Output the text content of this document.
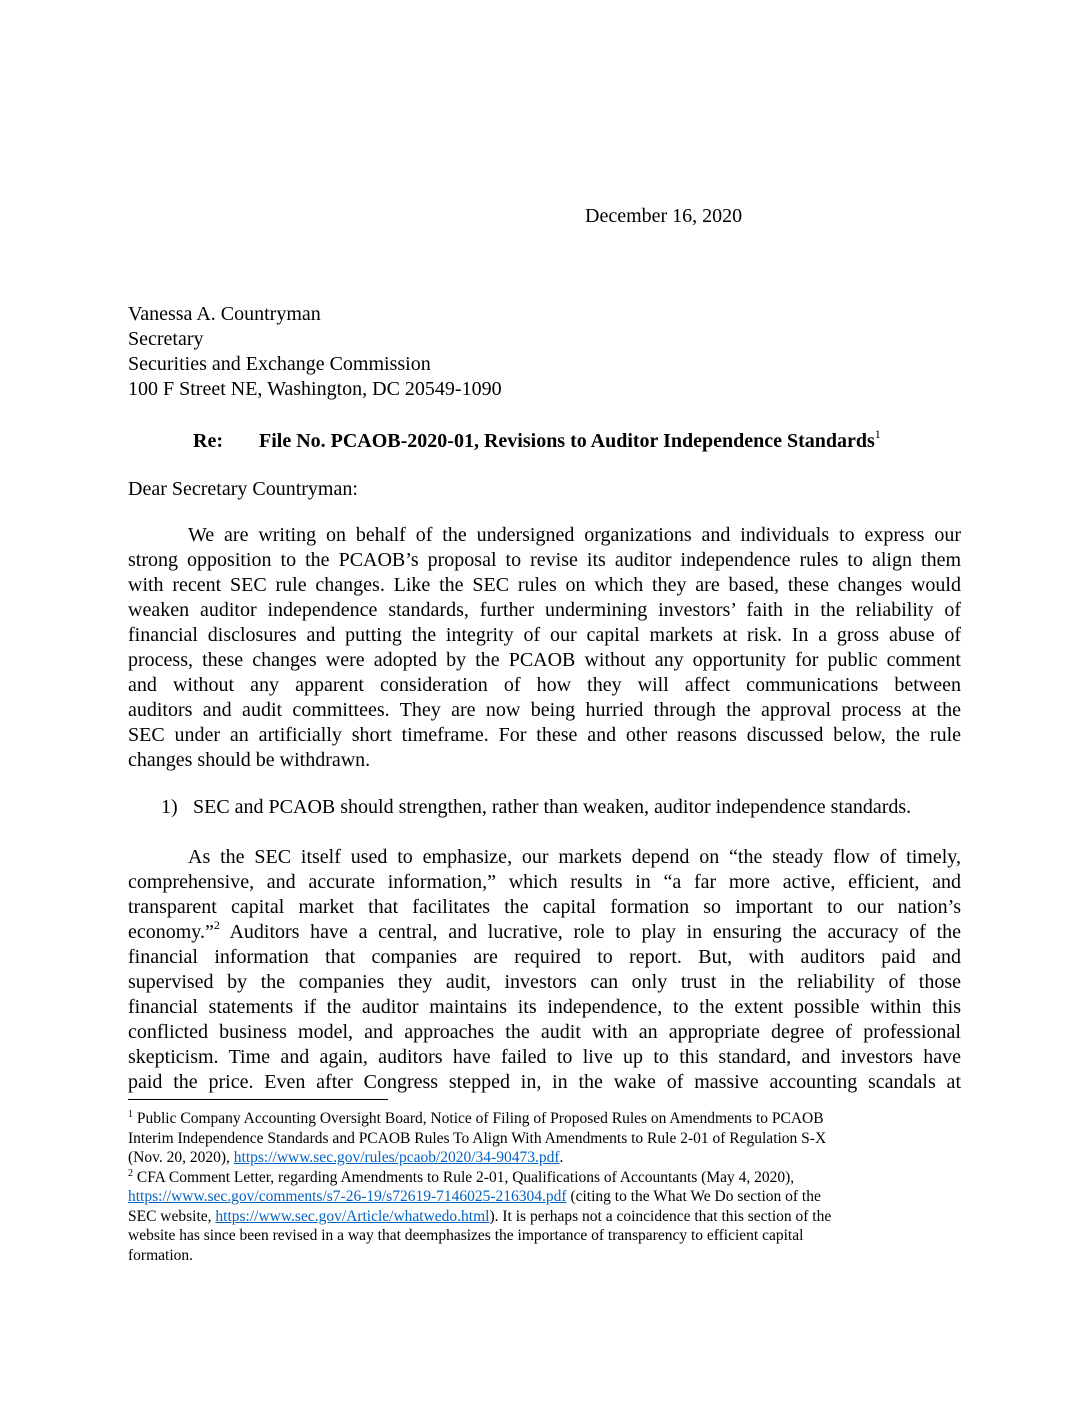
December 16, 2020
Vanessa A. Countryman
Secretary
Securities and Exchange Commission
100 F Street NE, Washington, DC 20549-1090
Re: File No. PCAOB-2020-01, Revisions to Auditor Independence Standards$^1$
Dear Secretary Countryman:
We are writing on behalf of the undersigned organizations and individuals to express our
strong opposition to the PCAOB’s proposal to revise its auditor independence rules to align them
with recent SEC rule changes. Like the SEC rules on which they are based, these changes would
weaken auditor independence standards, further undermining investors’ faith in the reliability of
financial disclosures and putting the integrity of our capital markets at risk. In a gross abuse of
process, these changes were adopted by the PCAOB without any opportunity for public comment
and without any apparent consideration of how they will affect communications between
auditors and audit committees. They are now being hurried through the approval process at the
SEC under an artificially short timeframe. For these and other reasons discussed below, the rule
changes should be withdrawn.
1) SEC and PCAOB should strengthen, rather than weaken, auditor independence standards.
As the SEC itself used to emphasize, our markets depend on “the steady flow of timely,
comprehensive, and accurate information,” which results in “a far more active, efficient, and
transparent capital market that facilitates the capital formation so important to our nation’s
economy.”$^2$ Auditors have a central, and lucrative, role to play in ensuring the accuracy of the
financial information that companies are required to report. But, with auditors paid and
supervised by the companies they audit, investors can only trust in the reliability of those
financial statements if the auditor maintains its independence, to the extent possible within this
conflicted business model, and approaches the audit with an appropriate degree of professional
skepticism. Time and again, auditors have failed to live up to this standard, and investors have
paid the price. Even after Congress stepped in, in the wake of massive accounting scandals at
$^1$ Public Company Accounting Oversight Board, Notice of Filing of Proposed Rules on Amendments to PCAOB
Interim Independence Standards and PCAOB Rules To Align With Amendments to Rule 2-01 of Regulation S-X
(Nov. 20, 2020), https://www.sec.gov/rules/pcaob/2020/34-90473.pdf.
$^2$ CFA Comment Letter, regarding Amendments to Rule 2-01, Qualifications of Accountants (May 4, 2020),
https://www.sec.gov/comments/s7-26-19/s72619-7146025-216304.pdf (citing to the What We Do section of the
SEC website, https://www.sec.gov/Article/whatwedo.html). It is perhaps not a coincidence that this section of the
website has since been revised in a way that deemphasizes the importance of transparency to efficient capital
formation.
